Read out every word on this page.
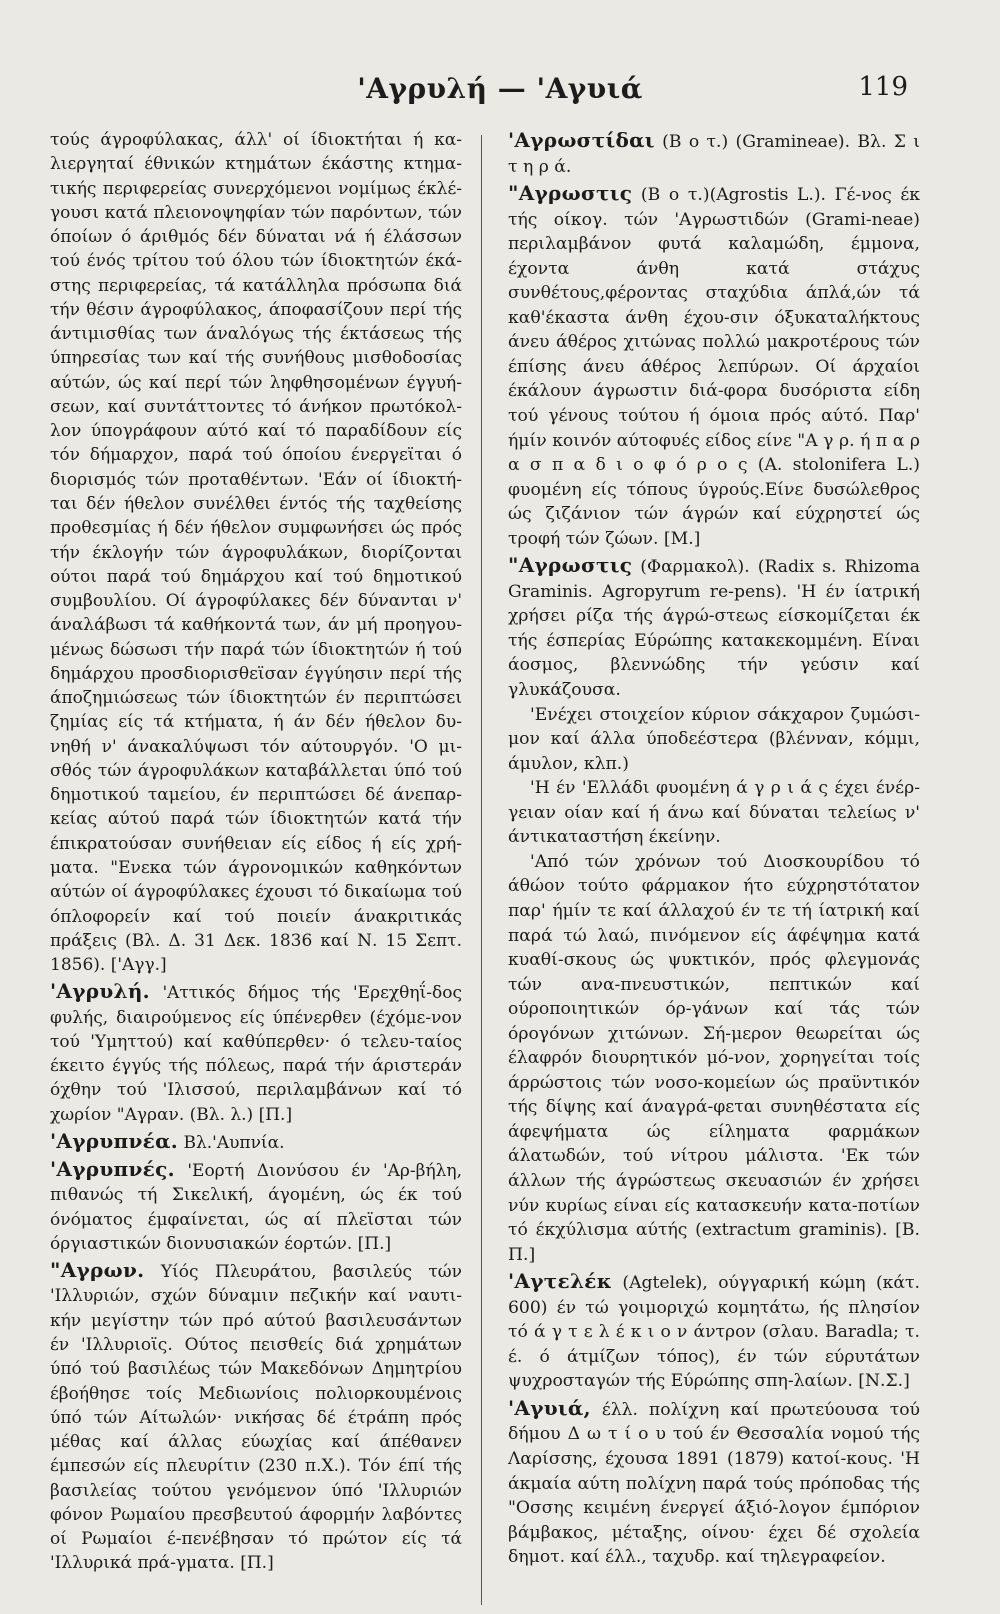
'Αγρυλή — 'Αγυιά	119

τούς άγροφύλακας, άλλ' οί ίδιοκτήται ή κα-λιεργηταί έθνικών κτημάτων έκάστης κτημα-τικής περιφερείας συνερχόμενοι νομίμως έκλέ-γουσι κατά πλειονοψηφίαν τών παρόντων, τών όποίων ό άριθμός δέν δύναται νά ή έλάσσων τού ένός τρίτου τού όλου τών ίδιοκτητών έκά-στης περιφερείας, τά κατάλληλα πρόσωπα διά τήν θέσιν άγροφύλακος, άποφασίζουν περί τής άντιμισθίας των άναλόγως τής έκτάσεως τής ύπηρεσίας των καί τής συνήθους μισθοδοσίας αύτών, ώς καί περί τών ληφθησομένων έγγυή-σεων, καί συντάττοντες τό άνήκον πρωτόκολ-λον ύπογράφουν αύτό καί τό παραδίδουν είς τόν δήμαρχον, παρά τού όποίου ένεργεϊται ό διορισμός τών προταθέντων. 'Εάν οί ίδιοκτή-ται δέν ήθελον συνέλθει έντός τής ταχθείσης προθεσμίας ή δέν ήθελον συμφωνήσει ώς πρός τήν έκλογήν τών άγροφυλάκων, διορίζονται ούτοι παρά τού δημάρχου καί τού δημοτικού συμβουλίου. Οί άγροφύλακες δέν δύνανται ν' άναλάβωσι τά καθήκοντά των, άν μή προηγου-μένως δώσωσι τήν παρά τών ίδιοκτητών ή τού δημάρχου προσδιορισθεϊσαν έγγύησιν περί τής άποζημιώσεως τών ίδιοκτητών έν περιπτώσει ζημίας είς τά κτήματα, ή άν δέν ήθελον δυ-νηθή ν' άνακαλύψωσι τόν αύτουργόν. 'Ο μι-σθός τών άγροφυλάκων καταβάλλεται ύπό τού δημοτικού ταμείου, έν περιπτώσει δέ άνεπαρ-κείας αύτού παρά τών ίδιοκτητών κατά τήν έπικρατούσαν συνήθειαν είς είδος ή είς χρή-ματα. "Ενεκα τών άγρονομικών καθηκόντων αύτών οί άγροφύλακες έχουσι τό δικαίωμα τού όπλοφορείν καί τού ποιείν άνακριτικάς πράξεις (Βλ. Δ. 31 Δεκ. 1836 καί Ν. 15 Σεπτ. 1856). ['Αγγ.]

'Αγρυλή. 'Αττικός δήμος τής 'Ερεχθηΐ-δος φυλής, διαιρούμενος είς ύπένερθεν (έχόμε-νον τού 'Υμηττού) καί καθύπερθεν· ό τελευ-ταίος έκειτο έγγύς τής πόλεως, παρά τήν άριστεράν όχθην τού 'Ιλισσού, περιλαμβάνων καί τό χωρίον "Αγραν. (Βλ. λ.) [Π.]

'Αγρυπνέα. Βλ.'Αυπνία.

'Αγρυπνές. 'Εορτή Διονύσου έν 'Αρ-βήλη, πιθανώς τή Σικελική, άγομένη, ώς έκ τού όνόματος έμφαίνεται, ώς αί πλεϊσται τών όργιαστικών διονυσιακών έορτών. [Π.]

"Αγρων. Υίός Πλευράτου, βασιλεύς τών 'Ιλλυριών, σχών δύναμιν πεζικήν καί ναυτι-κήν μεγίστην τών πρό αύτού βασιλευσάντων έν 'Ιλλυριοϊς. Ούτος πεισθείς διά χρημάτων ύπό τού βασιλέως τών Μακεδόνων Δημητρίου έβοήθησε τοίς Μεδιωνίοις πολιορκουμένοις ύπό τών Αίτωλών· νικήσας δέ έτράπη πρός μέθας καί άλλας εύωχίας καί άπέθανεν έμπεσών είς πλευρίτιν (230 π.Χ.). Τόν έπί τής βασιλείας τούτου γενόμενον ύπό 'Ιλλυριών φόνον Ρωμαίου πρεσβευτού άφορμήν λαβόντες οί Ρωμαίοι έ-πενέβησαν τό πρώτον είς τά 'Ιλλυρικά πρά-γματα. [Π.]

'Αγρωστίδαι (Β ο τ.) (Gramineae). Βλ. Σ ι τ η ρ ά.

"Αγρωστις (Β ο τ.)(Agrostis L.). Γέ-νος έκ τής οίκογ. τών 'Αγρωστιδών (Grami-neae) περιλαμβάνον φυτά καλαμώδη, έμμονα, έχοντα άνθη κατά στάχυς συνθέτους,φέροντας σταχύδια άπλά,ών τά καθ'έκαστα άνθη έχου-σιν όξυκαταλήκτους άνευ άθέρος χιτώνας πολλώ μακροτέρους τών έπίσης άνευ άθέρος λεπύρων. Οί άρχαίοι έκάλουν άγρωστιν διά-φορα δυσόριστα είδη τού γένους τούτου ή όμοια πρός αύτό. Παρ' ήμίν κοινόν αύτοφυές είδος είνε "Α γ ρ. ή π α ρ α σ π α δ ι ο φ ό ρ ο ς (A. stolonifera L.) φυομένη είς τόπους ύγρούς.Είνε δυσώλεθρος ώς ζιζάνιον τών άγρών καί εύχρηστεί ώς τροφή τών ζώων. [Μ.]

"Αγρωστις (Φαρμακολ). (Radix s. Rhizoma Graminis. Agropyrum re-pens). 'Η έν ίατρική χρήσει ρίζα τής άγρώ-στεως είσκομίζεται έκ τής έσπερίας Εύρώπης κατακεκομμένη. Είναι άοσμος, βλεννώδης τήν γεύσιν καί γλυκάζουσα.
'Ενέχει στοιχείον κύριον σάκχαρον ζυμώσι-μον καί άλλα ύποδεέστερα (βλένναν, κόμμι, άμυλον, κλπ.)
'Η έν 'Ελλάδι φυομένη ά γ ρ ι ά ς έχει ένέρ-γειαν οίαν καί ή άνω καί δύναται τελείως ν' άντικαταστήση έκείνην.
'Από τών χρόνων τού Διοσκουρίδου τό άθώον τούτο φάρμακον ήτο εύχρηστότατον παρ' ήμίν τε καί άλλαχού έν τε τή ίατρική καί παρά τώ λαώ, πινόμενον είς άφέψημα κατά κυαθί-σκους ώς ψυκτικόν, πρός φλεγμονάς τών ανα-πνευστικών, πεπτικών καί ούροποιητικών όρ-γάνων καί τάς τών όρογόνων χιτώνων. Σή-μερον θεωρείται ώς έλαφρόν διουρητικόν μό-νον, χορηγείται τοίς άρρώστοις τών νοσο-κομείων ώς πραϋντικόν τής δίψης καί άναγρά-φεται συνηθέστατα είς άφεψήματα ώς είληματα φαρμάκων άλατωδών, τού νίτρου μάλιστα. 'Εκ τών άλλων τής άγρώστεως σκευασιών έν χρήσει νύν κυρίως είναι είς κατασκευήν κατα-ποτίων τό έκχύλισμα αύτής (extractum graminis). [Β. Π.]

'Αγτελέκ (Agtelek), ούγγαρική κώμη (κάτ. 600) έν τώ γοιμοριχώ κομητάτω, ής πλησίον τό ά γ τ ε λ έ κ ι ο ν άντρον (σλαυ. Baradla; τ. έ. ό άτμίζων τόπος), έν τών εύρυτάτων ψυχροσταγών τής Εύρώπης σπη-λαίων. [Ν.Σ.]

'Αγυιά, έλλ. πολίχνη καί πρωτεύουσα τού δήμου Δ ω τ ί ο υ τού έν Θεσσαλία νομού τής Λαρίσσης, έχουσα 1891 (1879) κατοί-κους. 'Η άκμαία αύτη πολίχνη παρά τούς πρόποδας τής "Οσσης κειμένη ένεργεί άξιό-λογον έμπόριον βάμβακος, μέταξης, οίνου· έχει δέ σχολεία δημοτ. καί έλλ., ταχυδρ. καί τηλεγραφείον.
